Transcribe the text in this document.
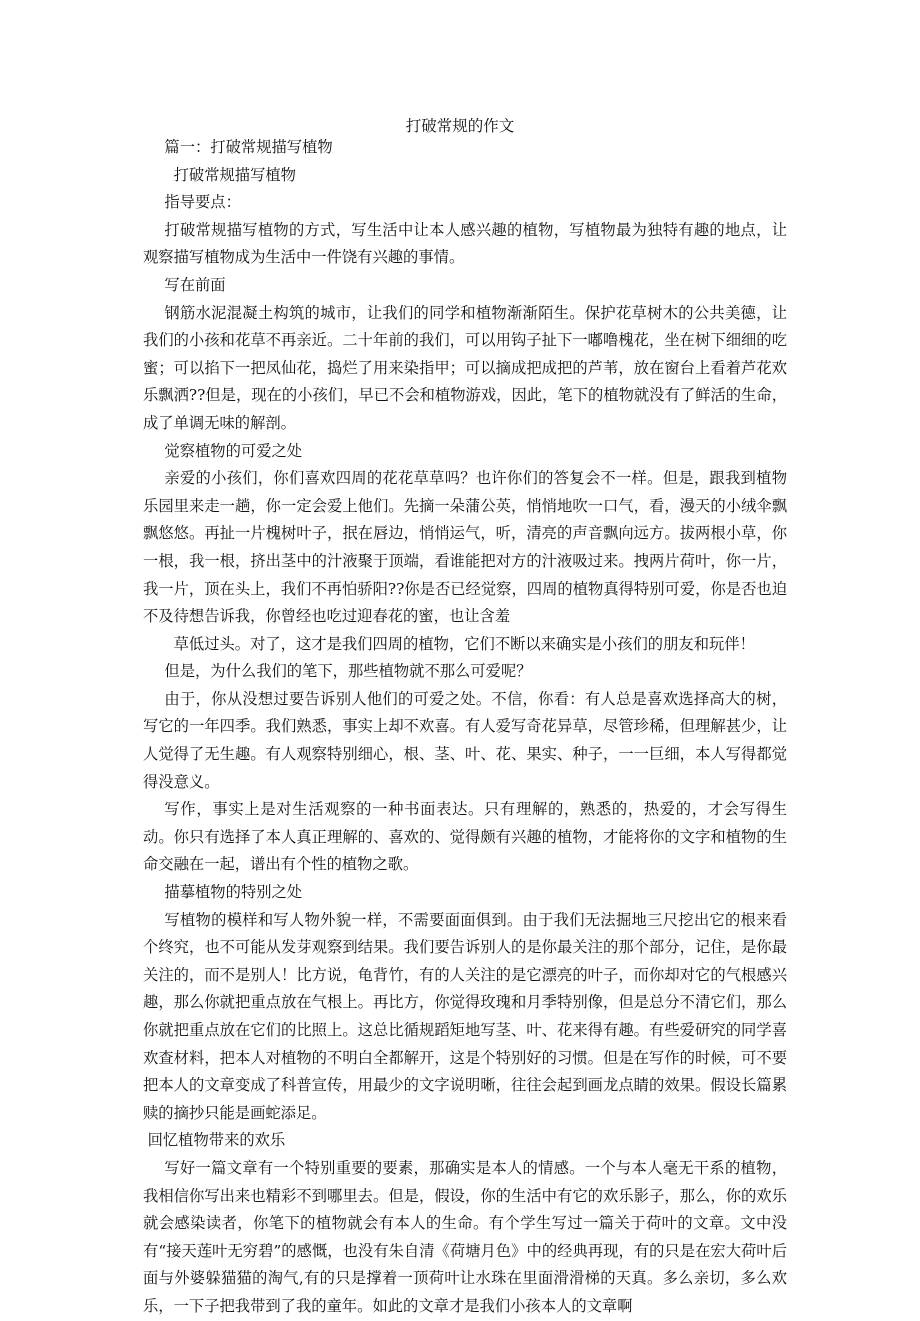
打破常规的作文

篇一：打破常规描写植物

打破常规描写植物

指导要点：

打破常规描写植物的方式，写生活中让本人感兴趣的植物，写植物最为独特有趣的地点，让观察描写植物成为生活中一件饶有兴趣的事情。

写在前面

钢筋水泥混凝土构筑的城市，让我们的同学和植物渐渐陌生。保护花草树木的公共美德，让我们的小孩和花草不再亲近。二十年前的我们，可以用钩子扯下一嘟噜槐花，坐在树下细细的吃蜜；可以掐下一把凤仙花，捣烂了用来染指甲；可以摘成把成把的芦苇，放在窗台上看着芦花欢乐飘洒??但是，现在的小孩们，早已不会和植物游戏，因此，笔下的植物就没有了鲜活的生命，成了单调无味的解剖。

觉察植物的可爱之处

亲爱的小孩们，你们喜欢四周的花花草草吗？也许你们的答复会不一样。但是，跟我到植物乐园里来走一趟，你一定会爱上他们。先摘一朵蒲公英，悄悄地吹一口气，看，漫天的小绒伞飘飘悠悠。再扯一片槐树叶子，抿在唇边，悄悄运气，听，清亮的声音飘向远方。拔两根小草，你一根，我一根，挤出茎中的汁液聚于顶端，看谁能把对方的汁液吸过来。拽两片荷叶，你一片，我一片，顶在头上，我们不再怕骄阳??你是否已经觉察，四周的植物真得特别可爱，你是否也迫不及待想告诉我，你曾经也吃过迎春花的蜜，也让含羞

草低过头。对了，这才是我们四周的植物，它们不断以来确实是小孩们的朋友和玩伴！

但是，为什么我们的笔下，那些植物就不那么可爱呢？

由于，你从没想过要告诉别人他们的可爱之处。不信，你看：有人总是喜欢选择高大的树，写它的一年四季。我们熟悉，事实上却不欢喜。有人爱写奇花异草，尽管珍稀，但理解甚少，让人觉得了无生趣。有人观察特别细心，根、茎、叶、花、果实、种子，一一巨细，本人写得都觉得没意义。

写作，事实上是对生活观察的一种书面表达。只有理解的，熟悉的，热爱的，才会写得生动。你只有选择了本人真正理解的、喜欢的、觉得颇有兴趣的植物，才能将你的文字和植物的生命交融在一起，谱出有个性的植物之歌。

描摹植物的特别之处

写植物的模样和写人物外貌一样，不需要面面俱到。由于我们无法掘地三尺挖出它的根来看个终究，也不可能从发芽观察到结果。我们要告诉别人的是你最关注的那个部分，记住，是你最关注的，而不是别人！比方说，龟背竹，有的人关注的是它漂亮的叶子，而你却对它的气根感兴趣，那么你就把重点放在气根上。再比方，你觉得玫瑰和月季特别像，但是总分不清它们，那么你就把重点放在它们的比照上。这总比循规蹈矩地写茎、叶、花来得有趣。有些爱研究的同学喜欢查材料，把本人对植物的不明白全都解开，这是个特别好的习惯。但是在写作的时候，可不要把本人的文章变成了科普宣传，用最少的文字说明晰，往往会起到画龙点睛的效果。假设长篇累赎的摘抄只能是画蛇添足。

回忆植物带来的欢乐

写好一篇文章有一个特别重要的要素，那确实是本人的情感。一个与本人毫无干系的植物，我相信你写出来也精彩不到哪里去。但是，假设，你的生活中有它的欢乐影子，那么，你的欢乐就会感染读者，你笔下的植物就会有本人的生命。有个学生写过一篇关于荷叶的文章。文中没有“接天莲叶无穷碧”的感慨，也没有朱自清《荷塘月色》中的经典再现，有的只是在宏大荷叶后面与外婆躲猫猫的淘气,有的只是撑着一顶荷叶让水珠在里面滑滑梯的天真。多么亲切，多么欢乐，一下子把我带到了我的童年。如此的文章才是我们小孩本人的文章啊
